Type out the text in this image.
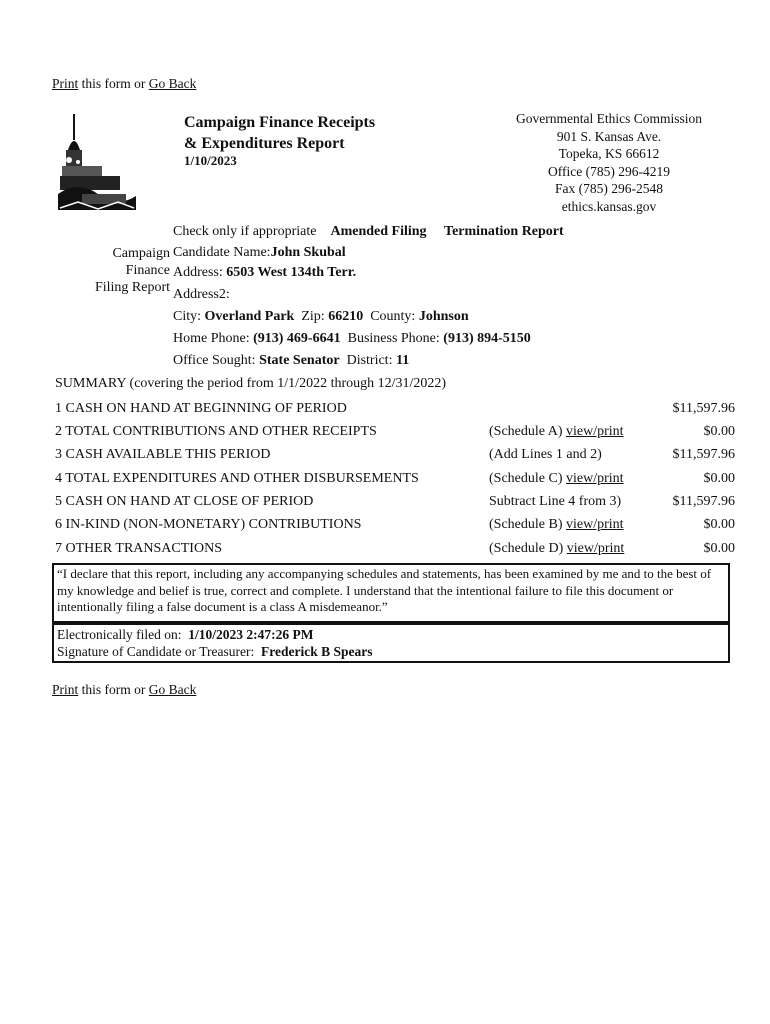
Print this form or Go Back
Campaign Finance Receipts
& Expenditures Report
1/10/2023
Governmental Ethics Commission
901 S. Kansas Ave.
Topeka, KS 66612
Office (785) 296-4219
Fax (785) 296-2548
ethics.kansas.gov
Check only if appropriate Amended Filing Termination Report
Campaign
Finance
Filing Report
Candidate Name:John Skubal
Address: 6503 West 134th Terr.
Address2:
City: Overland Park Zip: 66210 County: Johnson
Home Phone: (913) 469-6641 Business Phone: (913) 894-5150
Office Sought: State Senator District: 11
SUMMARY (covering the period from 1/1/2022 through 12/31/2022)
1 CASH ON HAND AT BEGINNING OF PERIOD	$11,597.96
2 TOTAL CONTRIBUTIONS AND OTHER RECEIPTS	(Schedule A) view/print	$0.00
3 CASH AVAILABLE THIS PERIOD	(Add Lines 1 and 2)	$11,597.96
4 TOTAL EXPENDITURES AND OTHER DISBURSEMENTS	(Schedule C) view/print	$0.00
5 CASH ON HAND AT CLOSE OF PERIOD	Subtract Line 4 from 3)	$11,597.96
6 IN-KIND (NON-MONETARY) CONTRIBUTIONS	(Schedule B) view/print	$0.00
7 OTHER TRANSACTIONS	(Schedule D) view/print	$0.00
“I declare that this report, including any accompanying schedules and statements, has been examined by me and to the best of my knowledge and belief is true, correct and complete. I understand that the intentional failure to file this document or intentionally filing a false document is a class A misdemeanor.”
Electronically filed on: 1/10/2023 2:47:26 PM
Signature of Candidate or Treasurer: Frederick B Spears
Print this form or Go Back
